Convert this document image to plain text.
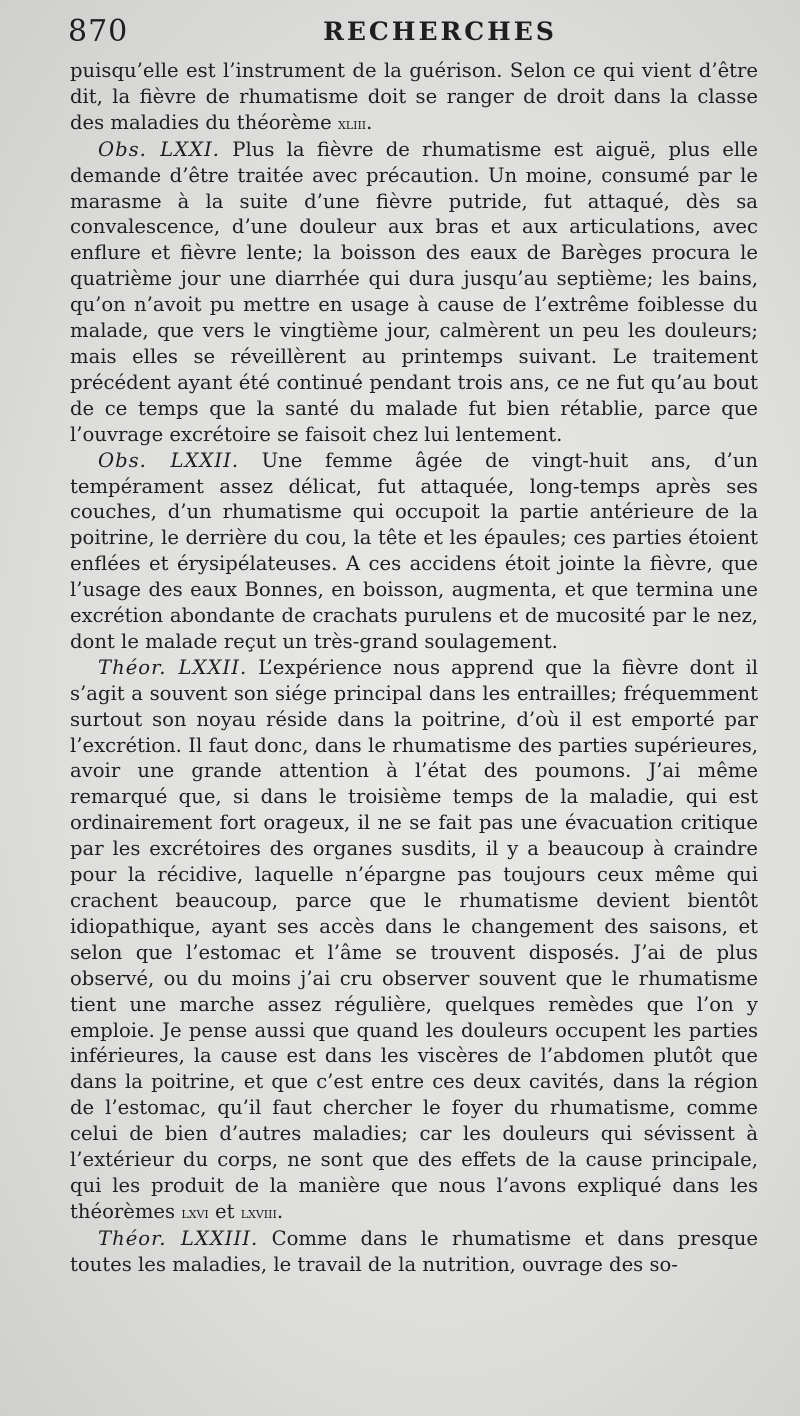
870	RECHERCHES

puisqu’elle est l’instrument de la guérison. Selon ce qui vient d’être dit, la fièvre de rhumatisme doit se ranger de droit dans la classe des maladies du théorème xliii.

Obs. LXXI. Plus la fièvre de rhumatisme est aiguë, plus elle demande d’être traitée avec précaution. Un moine, consumé par le marasme à la suite d’une fièvre putride, fut attaqué, dès sa convalescence, d’une douleur aux bras et aux articulations, avec enflure et fièvre lente; la boisson des eaux de Barèges procura le quatrième jour une diarrhée qui dura jusqu’au septième; les bains, qu’on n’avoit pu mettre en usage à cause de l’extrême foiblesse du malade, que vers le vingtième jour, calmèrent un peu les douleurs; mais elles se réveillèrent au printemps suivant. Le traitement précédent ayant été continué pendant trois ans, ce ne fut qu’au bout de ce temps que la santé du malade fut bien rétablie, parce que l’ouvrage excrétoire se faisoit chez lui lentement.

Obs. LXXII. Une femme âgée de vingt-huit ans, d’un tempérament assez délicat, fut attaquée, long-temps après ses couches, d’un rhumatisme qui occupoit la partie antérieure de la poitrine, le derrière du cou, la tête et les épaules; ces parties étoient enflées et érysipélateuses. A ces accidens étoit jointe la fièvre, que l’usage des eaux Bonnes, en boisson, augmenta, et que termina une excrétion abondante de crachats purulens et de mucosité par le nez, dont le malade reçut un très-grand soulagement.

Théor. LXXII. L’expérience nous apprend que la fièvre dont il s’agit a souvent son siége principal dans les entrailles; fréquemment surtout son noyau réside dans la poitrine, d’où il est emporté par l’excrétion. Il faut donc, dans le rhumatisme des parties supérieures, avoir une grande attention à l’état des poumons. J’ai même remarqué que, si dans le troisième temps de la maladie, qui est ordinairement fort orageux, il ne se fait pas une évacuation critique par les excrétoires des organes susdits, il y a beaucoup à craindre pour la récidive, laquelle n’épargne pas toujours ceux même qui crachent beaucoup, parce que le rhumatisme devient bientôt idiopathique, ayant ses accès dans le changement des saisons, et selon que l’estomac et l’âme se trouvent disposés. J’ai de plus observé, ou du moins j’ai cru observer souvent que le rhumatisme tient une marche assez régulière, quelques remèdes que l’on y emploie. Je pense aussi que quand les douleurs occupent les parties inférieures, la cause est dans les viscères de l’abdomen plutôt que dans la poitrine, et que c’est entre ces deux cavités, dans la région de l’estomac, qu’il faut chercher le foyer du rhumatisme, comme celui de bien d’autres maladies; car les douleurs qui sévissent à l’extérieur du corps, ne sont que des effets de la cause principale, qui les produit de la manière que nous l’avons expliqué dans les théorèmes lxvi et lxviii.

Théor. LXXIII. Comme dans le rhumatisme et dans presque toutes les maladies, le travail de la nutrition, ouvrage des so-
